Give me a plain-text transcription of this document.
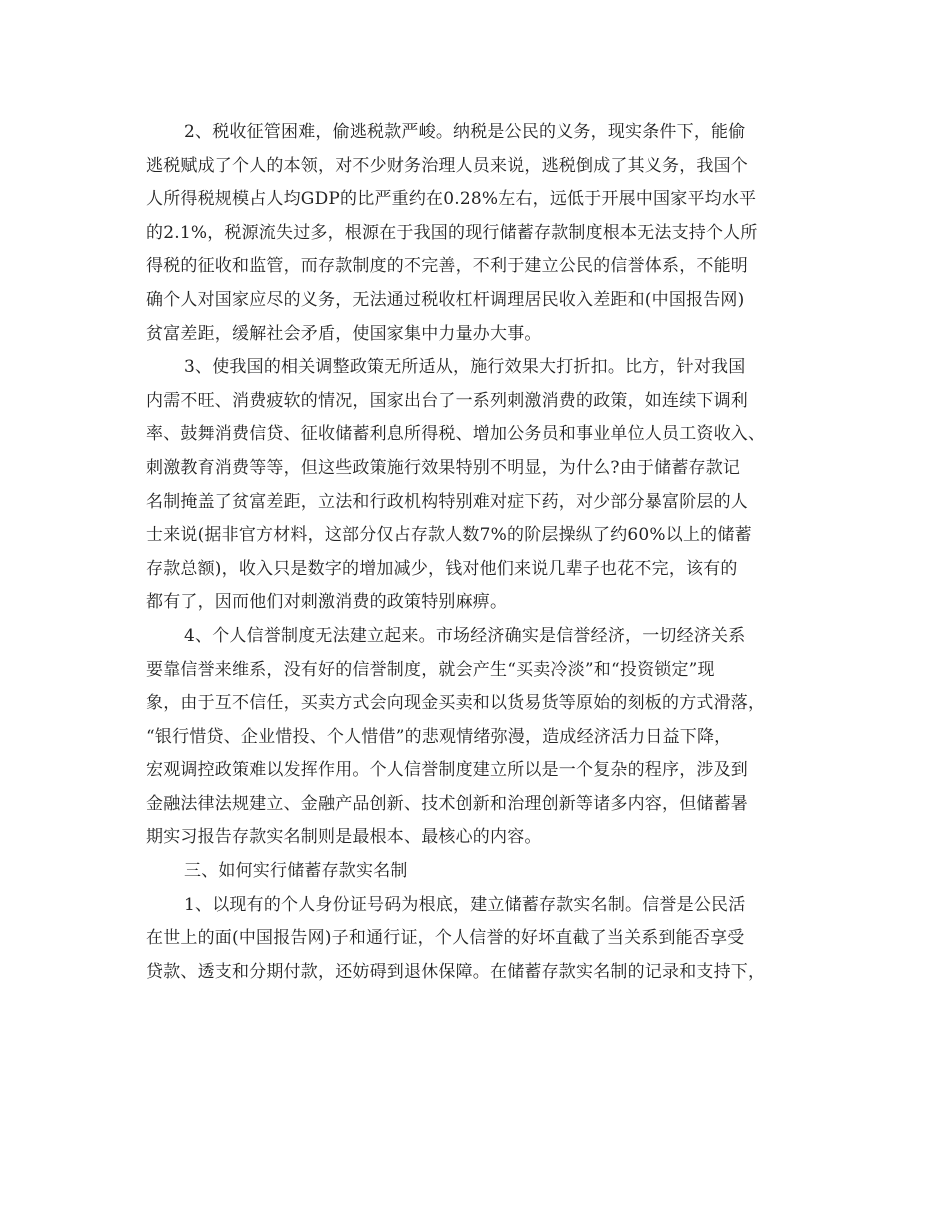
2、税收征管困难，偷逃税款严峻。纳税是公民的义务，现实条件下，能偷
逃税赋成了个人的本领，对不少财务治理人员来说，逃税倒成了其义务，我国个
人所得税规模占人均GDP的比严重约在0.28%左右，远低于开展中国家平均水平
的2.1%，税源流失过多，根源在于我国的现行储蓄存款制度根本无法支持个人所
得税的征收和监管，而存款制度的不完善，不利于建立公民的信誉体系，不能明
确个人对国家应尽的义务，无法通过税收杠杆调理居民收入差距和(中国报告网)
贫富差距，缓解社会矛盾，使国家集中力量办大事。
3、使我国的相关调整政策无所适从，施行效果大打折扣。比方，针对我国
内需不旺、消费疲软的情况，国家出台了一系列刺激消费的政策，如连续下调利
率、鼓舞消费信贷、征收储蓄利息所得税、增加公务员和事业单位人员工资收入、
刺激教育消费等等，但这些政策施行效果特别不明显，为什么?由于储蓄存款记
名制掩盖了贫富差距，立法和行政机构特别难对症下药，对少部分暴富阶层的人
士来说(据非官方材料，这部分仅占存款人数7%的阶层操纵了约60%以上的储蓄
存款总额)，收入只是数字的增加减少，钱对他们来说几辈子也花不完，该有的
都有了，因而他们对刺激消费的政策特别麻痹。
4、个人信誉制度无法建立起来。市场经济确实是信誉经济，一切经济关系
要靠信誉来维系，没有好的信誉制度，就会产生“买卖冷淡”和“投资锁定”现
象，由于互不信任，买卖方式会向现金买卖和以货易货等原始的刻板的方式滑落，
“银行惜贷、企业惜投、个人惜借”的悲观情绪弥漫，造成经济活力日益下降，
宏观调控政策难以发挥作用。个人信誉制度建立所以是一个复杂的程序，涉及到
金融法律法规建立、金融产品创新、技术创新和治理创新等诸多内容，但储蓄暑
期实习报告存款实名制则是最根本、最核心的内容。
三、如何实行储蓄存款实名制
1、以现有的个人身份证号码为根底，建立储蓄存款实名制。信誉是公民活
在世上的面(中国报告网)子和通行证，个人信誉的好坏直截了当关系到能否享受
贷款、透支和分期付款，还妨碍到退休保障。在储蓄存款实名制的记录和支持下，
